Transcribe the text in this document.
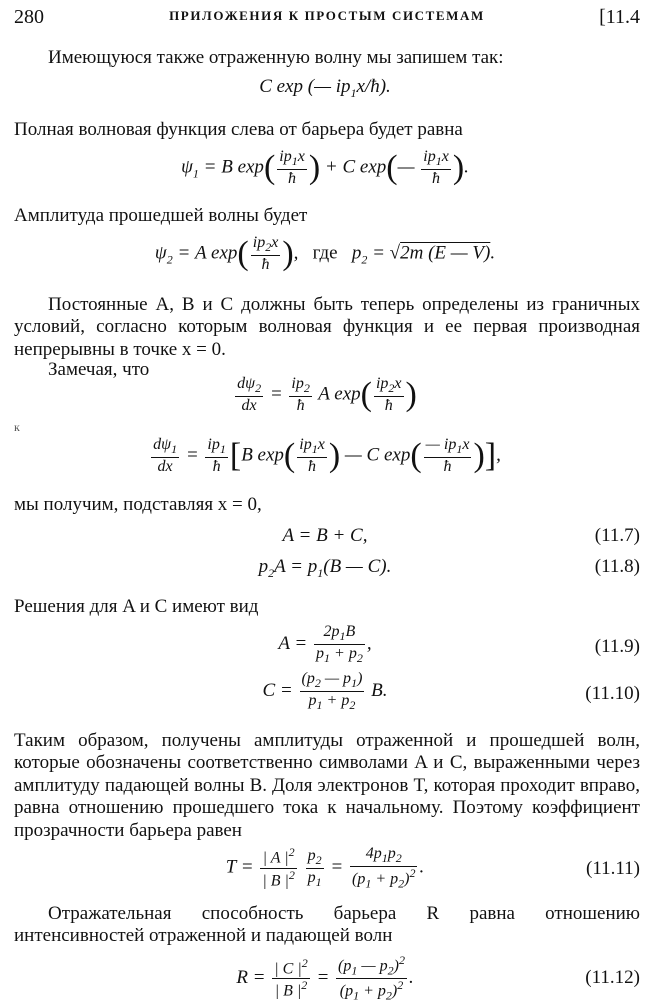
280	ПРИЛОЖЕНИЯ К ПРОСТЫМ СИСТЕМАМ	[11.4
Имеющуюся также отраженную волну мы запишем так:
C exp (— $ip_1x/ħ$).
Полная волновая функция слева от барьера будет равна
$\psi_1 = B$ $\exp( \frac{ip_1x}{ħ}$ ) + C exp(— $\frac{ip_1x}{ħ}$ ).
Амплитуда прошедшей волны будет
$\psi_2 = A$ $\exp( \frac{ip_2x}{ħ}$ ),   где   $p_2 = √2m$ (E — V).
Постоянные A, B и C должны быть теперь определены из граничных условий, согласно которым волновая функция и ее первая производная непрерывны в точке x = 0.
Замечая, что
$\frac{d\psi_2}{dx} = \frac{ip_2}{ħ}$ A $\exp( \frac{ip_2x}{ħ}$ )
к
$\frac{d\psi_1}{dx} = \frac{ip_1}{ħ} [B$ $\exp( \frac{ip_1x}{ħ}$ ) — C $\exp( \frac{— ip_1x}{ħ}$ )],
мы получим, подставляя x = 0,
A = B + C,	(11.7)
$p_2A = p_1(B$ — C).	(11.8)
Решения для A и C имеют вид
$A = \frac{2p_1B}{p_1 + p_2}$ ,	(11.9)
$C = \frac{(p_2 — p_1)}{p_1 + p_2} B$.	(11.10)
Таким образом, получены амплитуды отраженной и прошедшей волн, которые обозначены соответственно символами A и C, выраженными через амплитуду падающей волны B. Доля электронов T, которая проходит вправо, равна отношению прошедшего тока к начальному. Поэтому коэффициент прозрачности барьера равен
$T = \frac{| A |^2}{| B |^2}$
$\frac{p_2}{p_1} = \frac{4p_1p_2}{(p_1 + p_2)^2}$ .	(11.11)
Отражательная способность барьера R равна отношению интенсивностей отраженной и падающей волн
$R = \frac{| C |^2}{| B |^2} = \frac{(p_1 — p_2)^2}{(p_1 + p_2)^2}$ .	(11.12)
